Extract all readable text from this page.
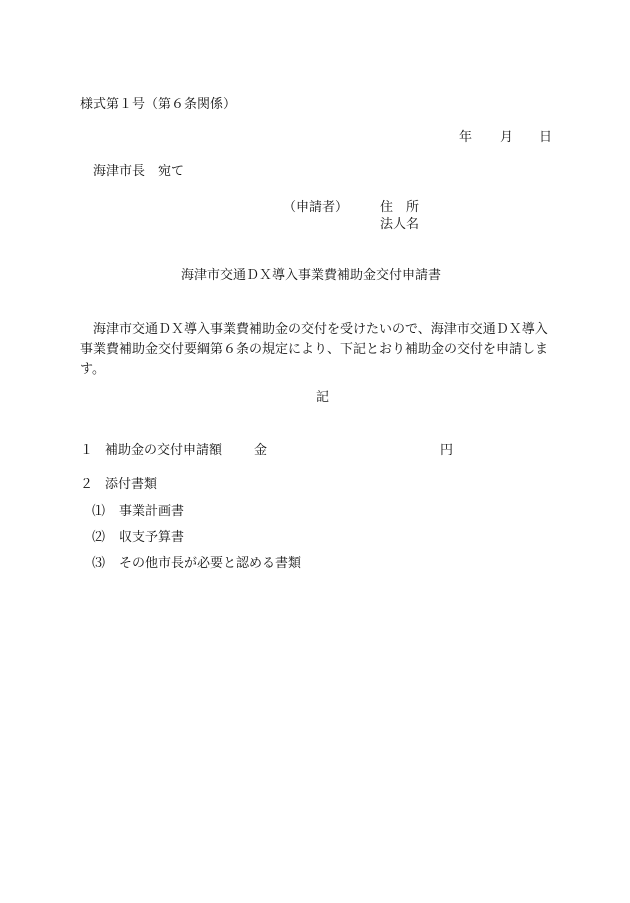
様式第１号（第６条関係）
年 月 日
海津市長　宛て
（申請者） 住　所
法人名
海津市交通ＤＸ導入事業費補助金交付申請書
海津市交通ＤＸ導入事業費補助金の交付を受けたいので、海津市交通ＤＸ導入事業費補助金交付要綱第６条の規定により、下記とおり補助金の交付を申請します。
記
１ 補助金の交付申請額 金	円
２ 添付書類
⑴ 事業計画書
⑵ 収支予算書
⑶ その他市長が必要と認める書類
